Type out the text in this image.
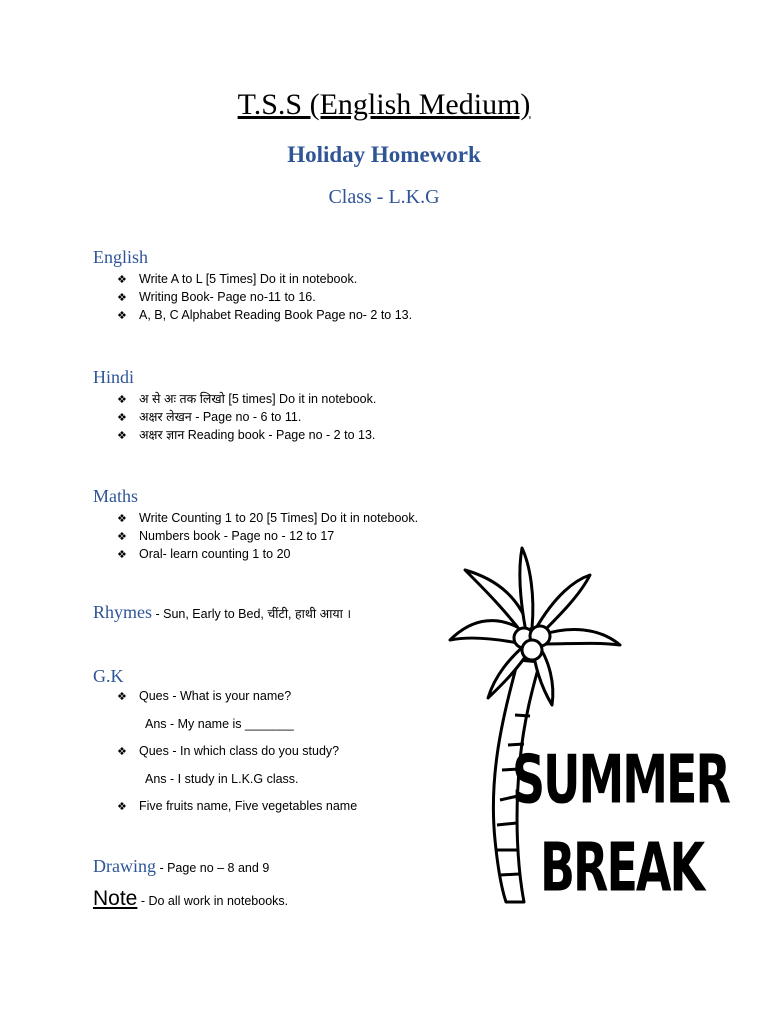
T.S.S (English Medium)
Holiday Homework
Class - L.K.G
English
❖ Write A to L [5 Times] Do it in notebook.
❖ Writing Book- Page no-11 to 16.
❖ A, B, C Alphabet Reading Book Page no- 2 to 13.
Hindi
❖ अ से अः तक लिखो [5 times] Do it in notebook.
❖ अक्षर लेखन - Page no - 6 to 11.
❖ अक्षर ज्ञान Reading book - Page no - 2 to 13.
Maths
❖ Write Counting 1 to 20 [5 Times] Do it in notebook.
❖ Numbers book - Page no - 12 to 17
❖ Oral- learn counting 1 to 20
Rhymes - Sun, Early to Bed, चींटी, हाथी आया ।
G.K
❖ Ques - What is your name?
Ans - My name is _______
❖ Ques - In which class do you study?
Ans - I study in L.K.G class.
❖ Five fruits name, Five vegetables name
Drawing - Page no – 8 and 9
Note - Do all work in notebooks.
SUMMER
BREAK
